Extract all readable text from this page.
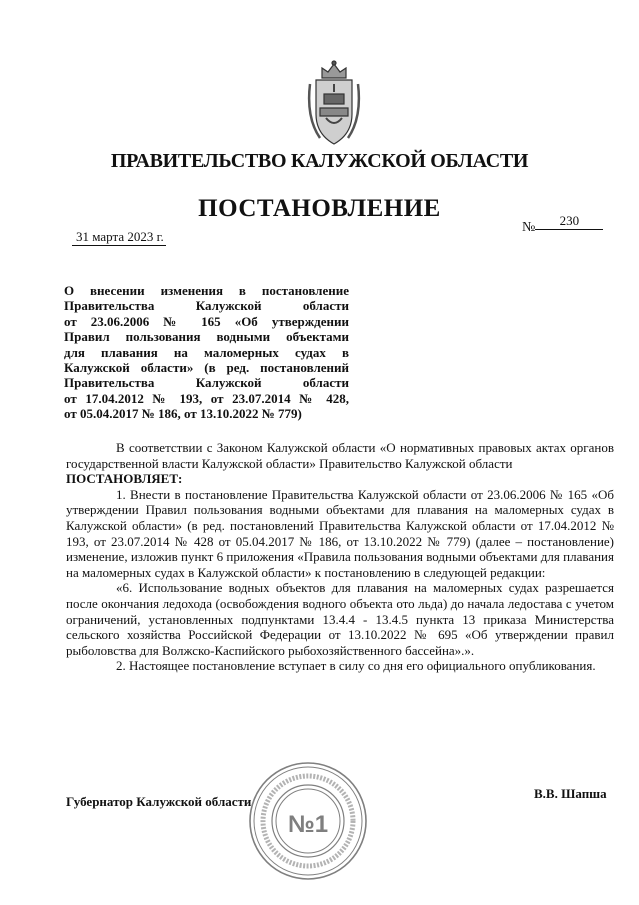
ПРАВИТЕЛЬСТВО КАЛУЖСКОЙ ОБЛАСТИ
ПОСТАНОВЛЕНИЕ
31 марта 2023 г.
№ 230
О внесении изменения в постановление
Правительства Калужской области
от 23.06.2006 № 165 «Об утверждении
Правил пользования водными объектами
для плавания на маломерных судах в
Калужской области» (в ред. постановлений
Правительства Калужской области
от 17.04.2012 № 193, от 23.07.2014 № 428,
от 05.04.2017 № 186, от 13.10.2022 № 779)

В соответствии с Законом Калужской области «О нормативных правовых актах органов государственной власти Калужской области» Правительство Калужской области

ПОСТАНОВЛЯЕТ:

1. Внести в постановление Правительства Калужской области от 23.06.2006 № 165 «Об утверждении Правил пользования водными объектами для плавания на маломерных судах в Калужской области» (в ред. постановлений Правительства Калужской области от 17.04.2012 № 193, от 23.07.2014 № 428 от 05.04.2017 № 186, от 13.10.2022 № 779) (далее – постановление) изменение, изложив пункт 6 приложения «Правила пользования водными объектами для плавания на маломерных судах в Калужской области» к постановлению в следующей редакции:

«6. Использование водных объектов для плавания на маломерных судах разрешается после окончания ледохода (освобождения водного объекта ото льда) до начала ледостава с учетом ограничений, установленных подпунктами 13.4.4 - 13.4.5 пункта 13 приказа Министерства сельского хозяйства Российской Федерации от 13.10.2022 № 695 «Об утверждении правил рыболовства для Волжско-Каспийского рыбохозяйственного бассейна».».

2. Настоящее постановление вступает в силу со дня его официального опубликования.

Губернатор Калужской области
В.В. Шапша
№1
